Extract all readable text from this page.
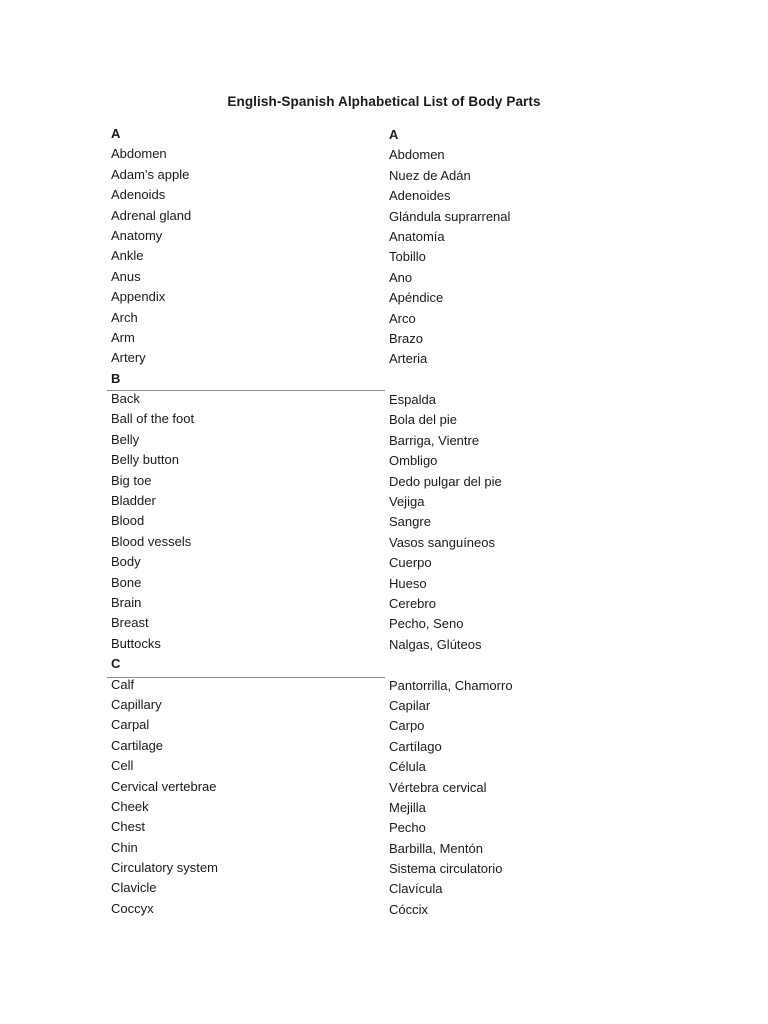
English-Spanish Alphabetical List of Body Parts
A
Abdomen
Adam's apple
Adenoids
Adrenal gland
Anatomy
Ankle
Anus
Appendix
Arch
Arm
Artery
B
Back
Ball of the foot
Belly
Belly button
Big toe
Bladder
Blood
Blood vessels
Body
Bone
Brain
Breast
Buttocks
C
Calf
Capillary
Carpal
Cartilage
Cell
Cervical vertebrae
Cheek
Chest
Chin
Circulatory system
Clavicle
Coccyx
A
Abdomen
Nuez de Adán
Adenoides
Glándula suprarrenal
Anatomía
Tobillo
Ano
Apéndice
Arco
Brazo
Arteria
Espalda
Bola del pie
Barriga, Vientre
Ombligo
Dedo pulgar del pie
Vejiga
Sangre
Vasos sanguíneos
Cuerpo
Hueso
Cerebro
Pecho, Seno
Nalgas, Glúteos
Pantorrilla, Chamorro
Capilar
Carpo
Cartílago
Célula
Vértebra cervical
Mejilla
Pecho
Barbilla, Mentón
Sistema circulatorio
Clavícula
Cóccix
